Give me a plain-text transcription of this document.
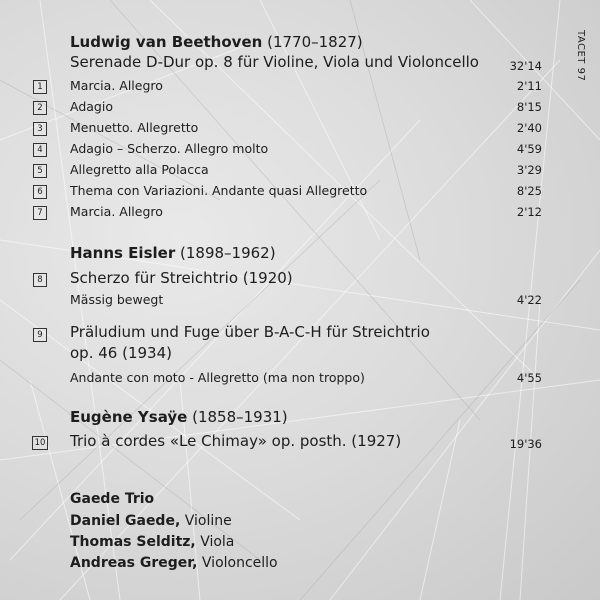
TACET 97
Ludwig van Beethoven (1770–1827)
Serenade D-Dur op. 8 für Violine, Viola und Violoncello	32'14
1	Marcia. Allegro	2'11
2	Adagio	8'15
3	Menuetto. Allegretto	2'40
4	Adagio – Scherzo. Allegro molto	4'59
5	Allegretto alla Polacca	3'29
6	Thema con Variazioni. Andante quasi Allegretto	8'25
7	Marcia. Allegro	2'12
Hanns Eisler (1898–1962)
8 Scherzo für Streichtrio (1920)
Mässig bewegt	4'22
9 Präludium und Fuge über B-A-C-H für Streichtrio
op. 46 (1934)
Andante con moto - Allegretto (ma non troppo)	4'55
Eugène Ysaÿe (1858–1931)
10 Trio à cordes «Le Chimay» op. posth. (1927)	19'36
Gaede Trio
Daniel Gaede, Violine
Thomas Selditz, Viola
Andreas Greger, Violoncello
